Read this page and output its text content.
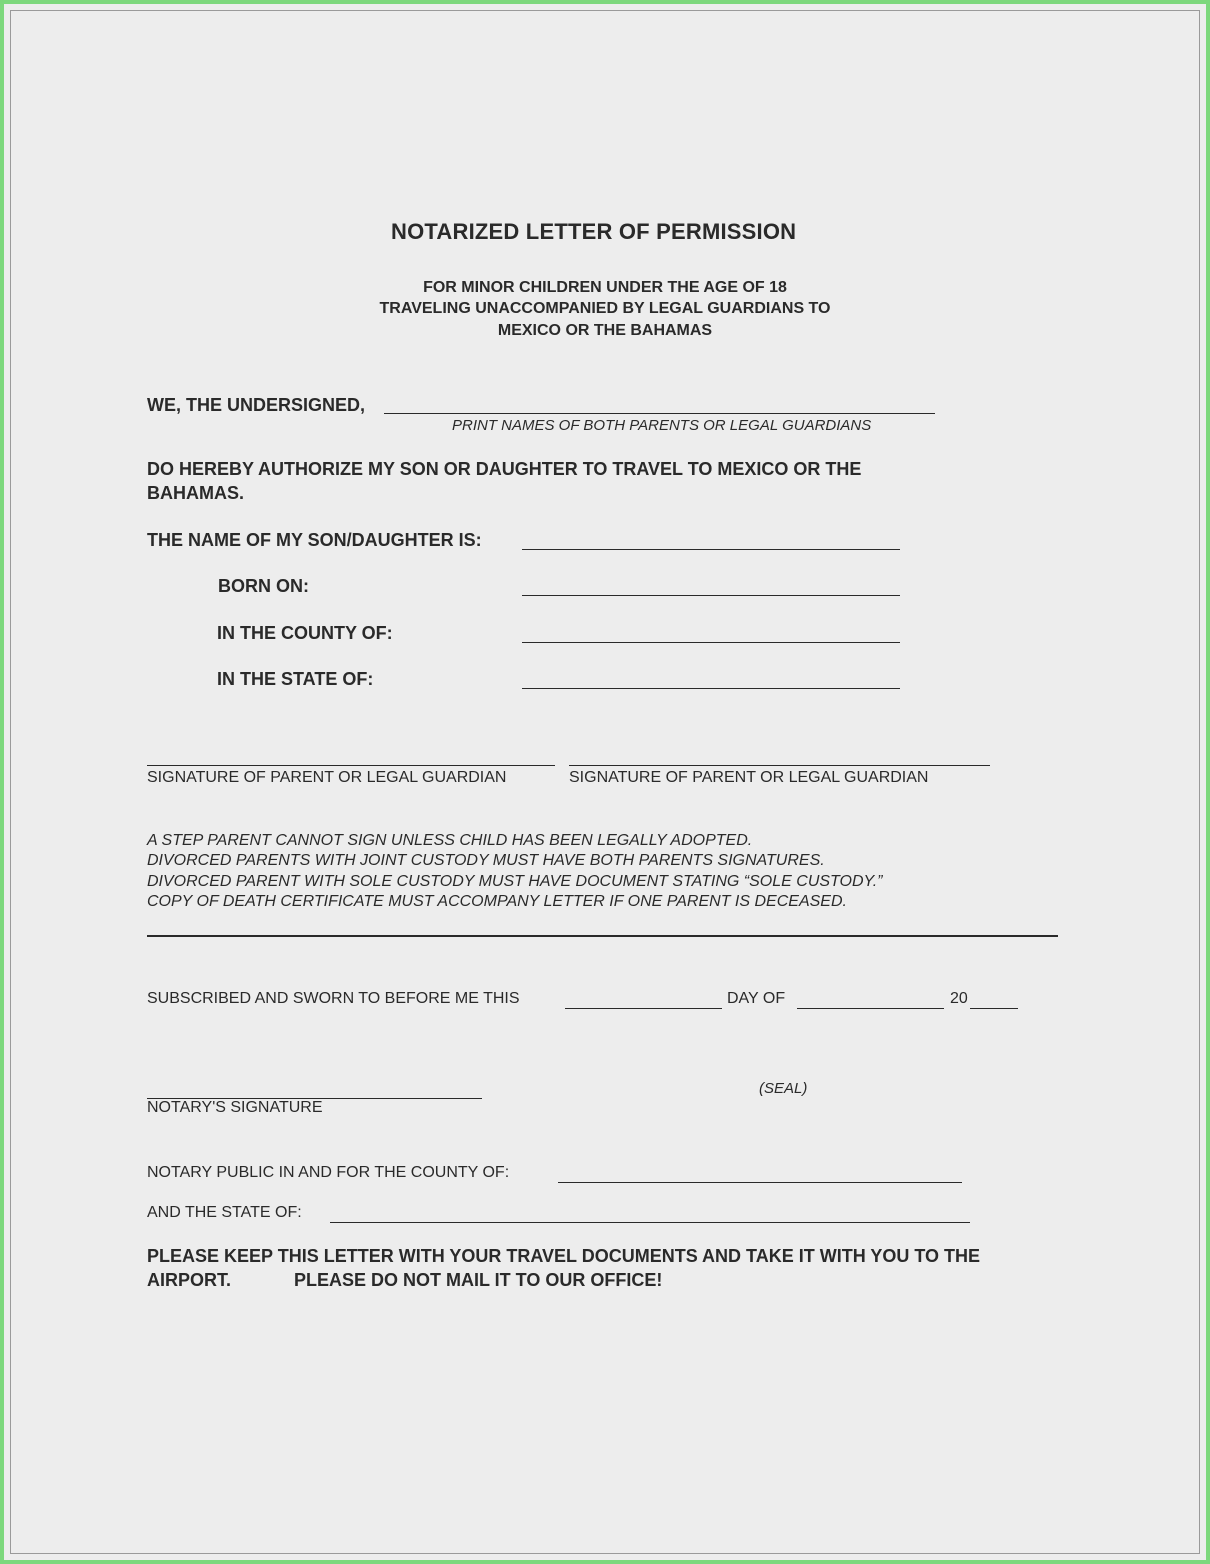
NOTARIZED LETTER OF PERMISSION
FOR MINOR CHILDREN UNDER THE AGE OF 18
TRAVELING UNACCOMPANIED BY LEGAL GUARDIANS TO
MEXICO OR THE BAHAMAS
WE, THE UNDERSIGNED,
PRINT NAMES OF BOTH PARENTS OR LEGAL GUARDIANS
DO HEREBY AUTHORIZE MY SON OR DAUGHTER TO TRAVEL TO MEXICO OR THE
BAHAMAS.
THE NAME OF MY SON/DAUGHTER IS:
BORN ON:
IN THE COUNTY OF:
IN THE STATE OF:
SIGNATURE OF PARENT OR LEGAL GUARDIAN	SIGNATURE OF PARENT OR LEGAL GUARDIAN
A STEP PARENT CANNOT SIGN UNLESS CHILD HAS BEEN LEGALLY ADOPTED.
DIVORCED PARENTS WITH JOINT CUSTODY MUST HAVE BOTH PARENTS SIGNATURES.
DIVORCED PARENT WITH SOLE CUSTODY MUST HAVE DOCUMENT STATING “SOLE CUSTODY.”
COPY OF DEATH CERTIFICATE MUST ACCOMPANY LETTER IF ONE PARENT IS DECEASED.
SUBSCRIBED AND SWORN TO BEFORE ME THIS	DAY OF	20
NOTARY'S SIGNATURE
(SEAL)
NOTARY PUBLIC IN AND FOR THE COUNTY OF:
AND THE STATE OF:
PLEASE KEEP THIS LETTER WITH YOUR TRAVEL DOCUMENTS AND TAKE IT WITH YOU TO THE
AIRPORT.	PLEASE DO NOT MAIL IT TO OUR OFFICE!
